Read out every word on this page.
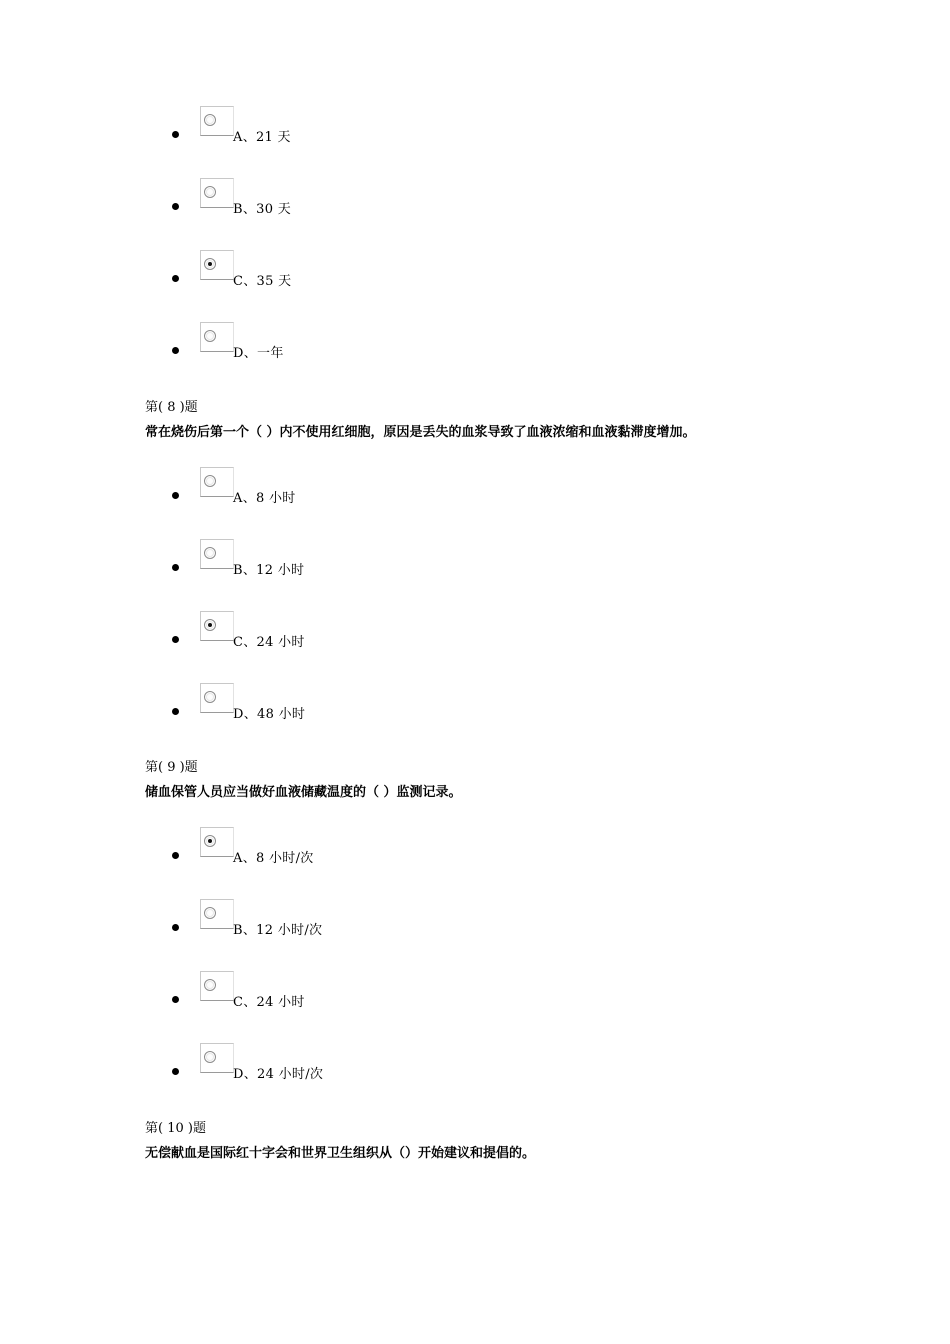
A、21 天
B、30 天
C、35 天
D、一年
第( 8 )题
常在烧伤后第一个（ ）内不使用红细胞，原因是丢失的血浆导致了血液浓缩和血液黏滞度增加。
A、8 小时
B、12 小时
C、24 小时
D、48 小时
第( 9 )题
储血保管人员应当做好血液储藏温度的（ ）监测记录。
A、8 小时/次
B、12 小时/次
C、24 小时
D、24 小时/次
第( 10 )题
无偿献血是国际红十字会和世界卫生组织从（）开始建议和提倡的。
